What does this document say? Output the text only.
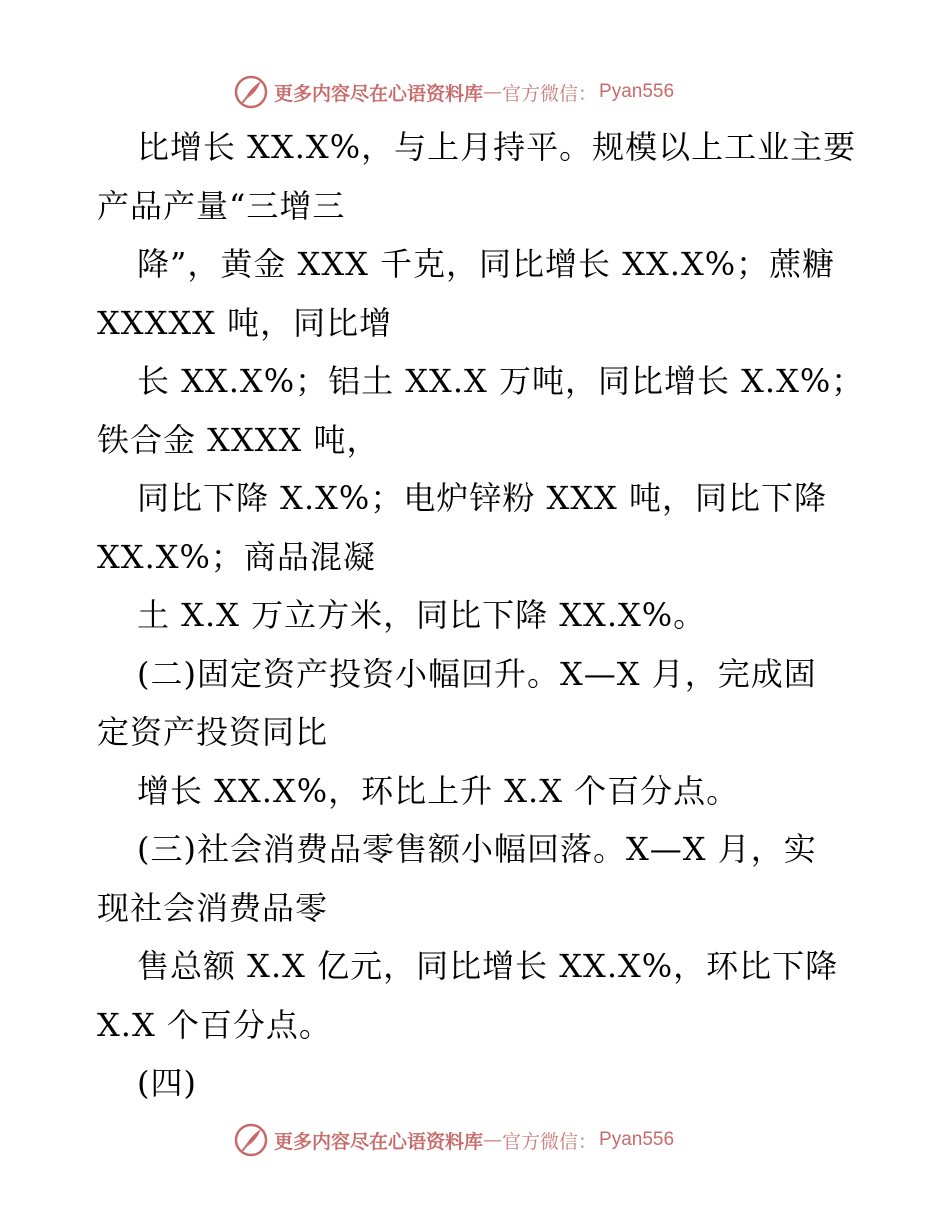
更多内容尽在心语资料库 — 官方微信： Pyan556
比增长 XX.X%，与上月持平。规模以上工业主要
产品产量“三增三
降”，黄金 XXX 千克，同比增长 XX.X%；蔗糖
XXXXX 吨，同比增
长 XX.X%；铝土 XX.X 万吨，同比增长 X.X%；
铁合金 XXXX 吨，
同比下降 X.X%；电炉锌粉 XXX 吨，同比下降
XX.X%；商品混凝
土 X.X 万立方米，同比下降 XX.X%。
(二)固定资产投资小幅回升。X—X 月，完成固
定资产投资同比
增长 XX.X%，环比上升 X.X 个百分点。
(三)社会消费品零售额小幅回落。X—X 月，实
现社会消费品零
售总额 X.X 亿元，同比增长 XX.X%，环比下降
X.X 个百分点。
(四)
更多内容尽在心语资料库 — 官方微信： Pyan556
